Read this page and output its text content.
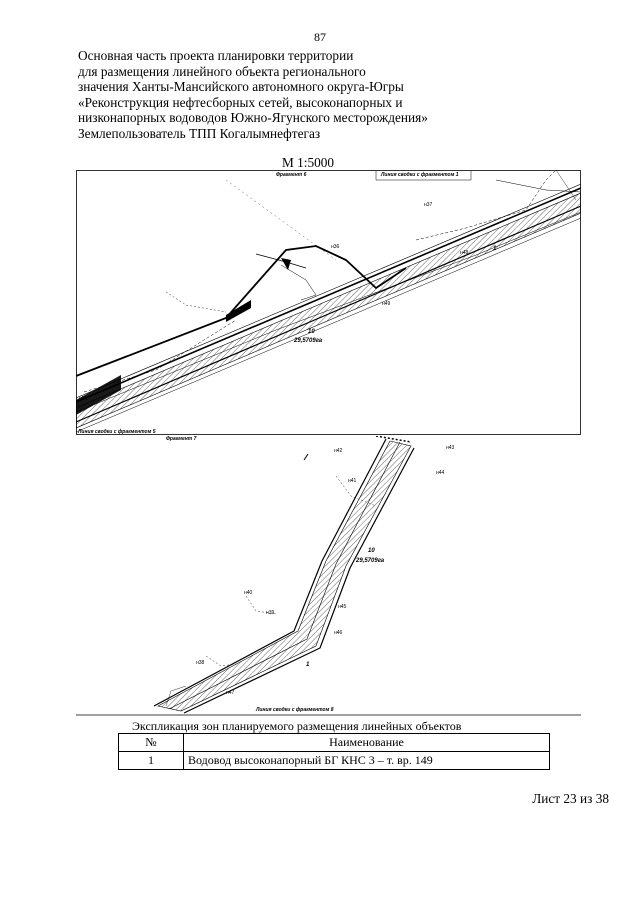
87
Основная часть проекта планировки территории
для размещения линейного объекта регионального
значения Ханты-Мансийского автономного округа-Югры
«Реконструкция нефтесборных сетей, высоконапорных и
низконапорных водоводов Южно-Ягунского месторождения»
Землепользователь ТПП Когалымнефтегаз
М 1:5000
Фрагмент 6	Линия сводки с фрагментом 1
Линия сводки с фрагментом 5
10
29,5709га
1
н36
н37
н48
н49
н50
Фрагмент 7
Линия сводки с фрагментом 8
10
29,5709га
1
н42	н43
н44
н41
н40
н39
н45
н46
н38
н47
Экспликация зон планируемого размещения линейных объектов
№	Наименование
1	Водовод высоконапорный БГ КНС 3 – т. вр. 149
Лист 23 из 38
